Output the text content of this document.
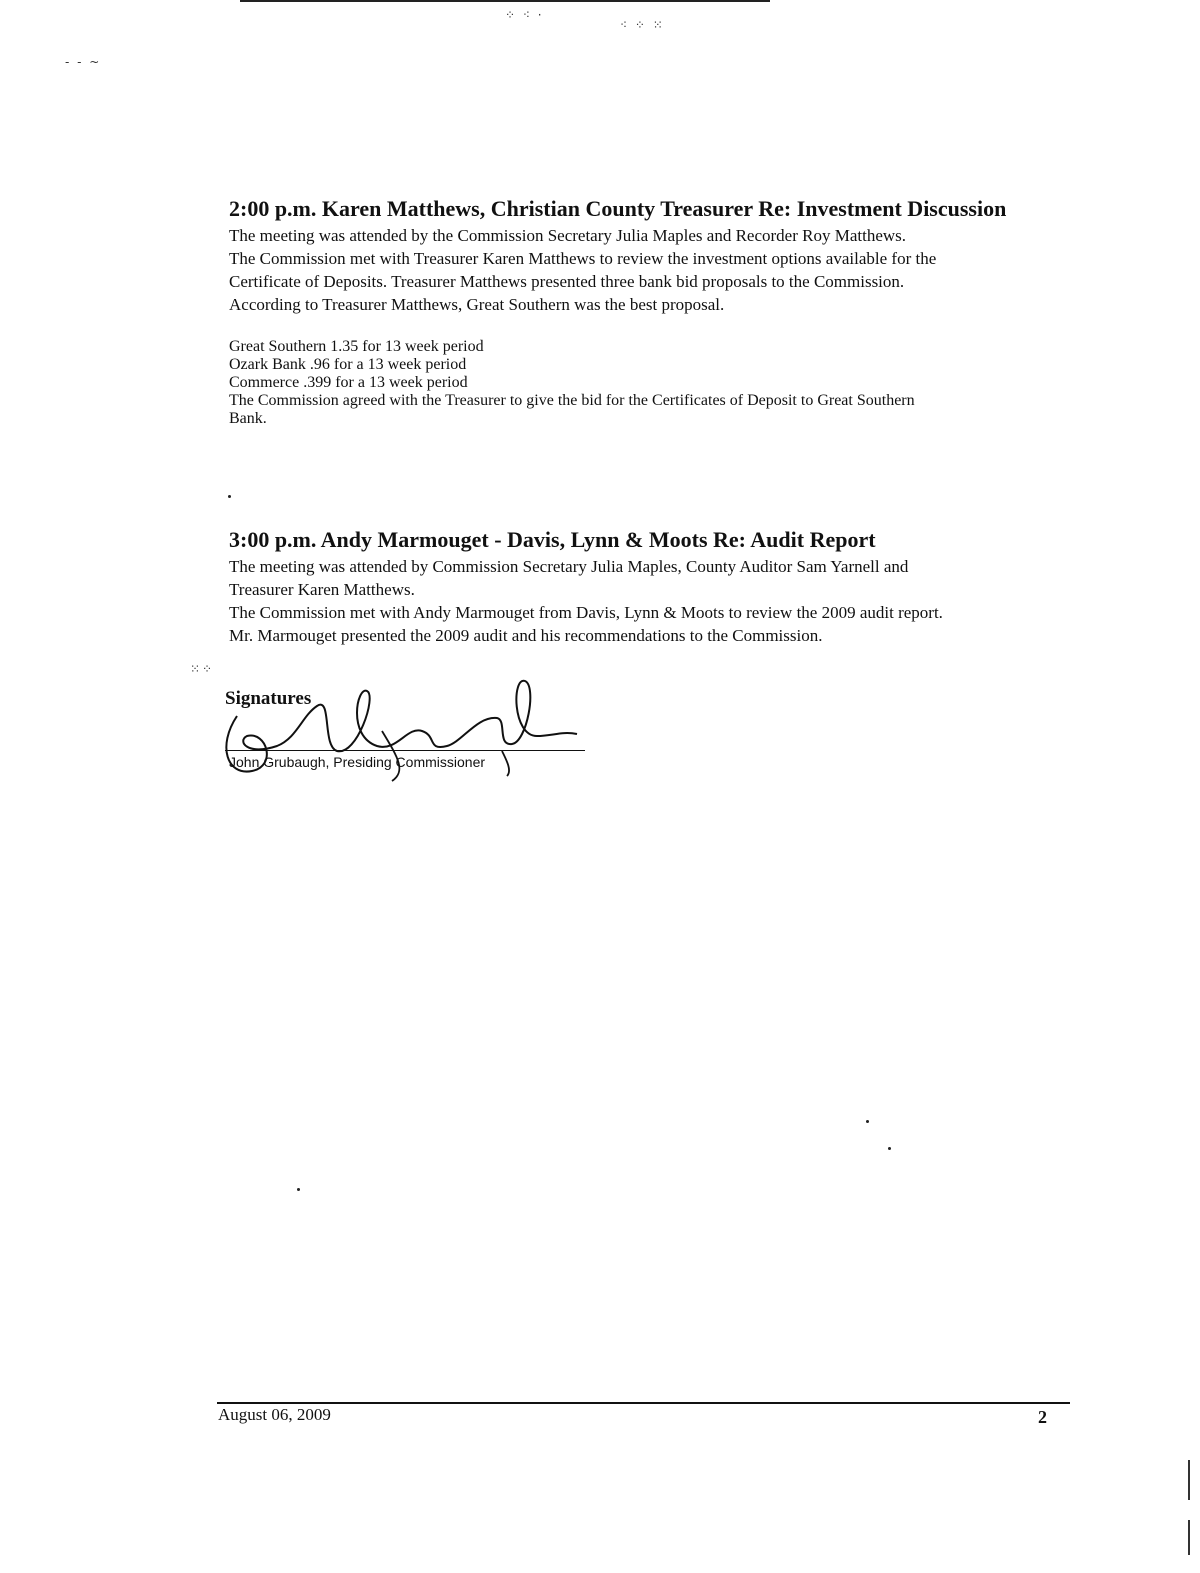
⁘ ⁖ ·
⁖ ⁘ ⁙
- ‐ ~
2:00 p.m. Karen Matthews, Christian County Treasurer Re: Investment Discussion

The meeting was attended by the Commission Secretary Julia Maples and Recorder Roy Matthews.

The Commission met with Treasurer Karen Matthews to review the investment options available for the

Certificate of Deposits. Treasurer Matthews presented three bank bid proposals to the Commission.

According to Treasurer Matthews, Great Southern was the best proposal.

Great Southern 1.35 for 13 week period
Ozark Bank .96 for a 13 week period
Commerce .399 for a 13 week period
The Commission agreed with the Treasurer to give the bid for the Certificates of Deposit to Great Southern
Bank.

3:00 p.m. Andy Marmouget - Davis, Lynn & Moots Re: Audit Report

The meeting was attended by Commission Secretary Julia Maples, County Auditor Sam Yarnell and

Treasurer Karen Matthews.

The Commission met with Andy Marmouget from Davis, Lynn & Moots to review the 2009 audit report.

Mr. Marmouget presented the 2009 audit and his recommendations to the Commission.

⁙⁘
Signatures
John Grubaugh, Presiding Commissioner
August 06, 2009	2
